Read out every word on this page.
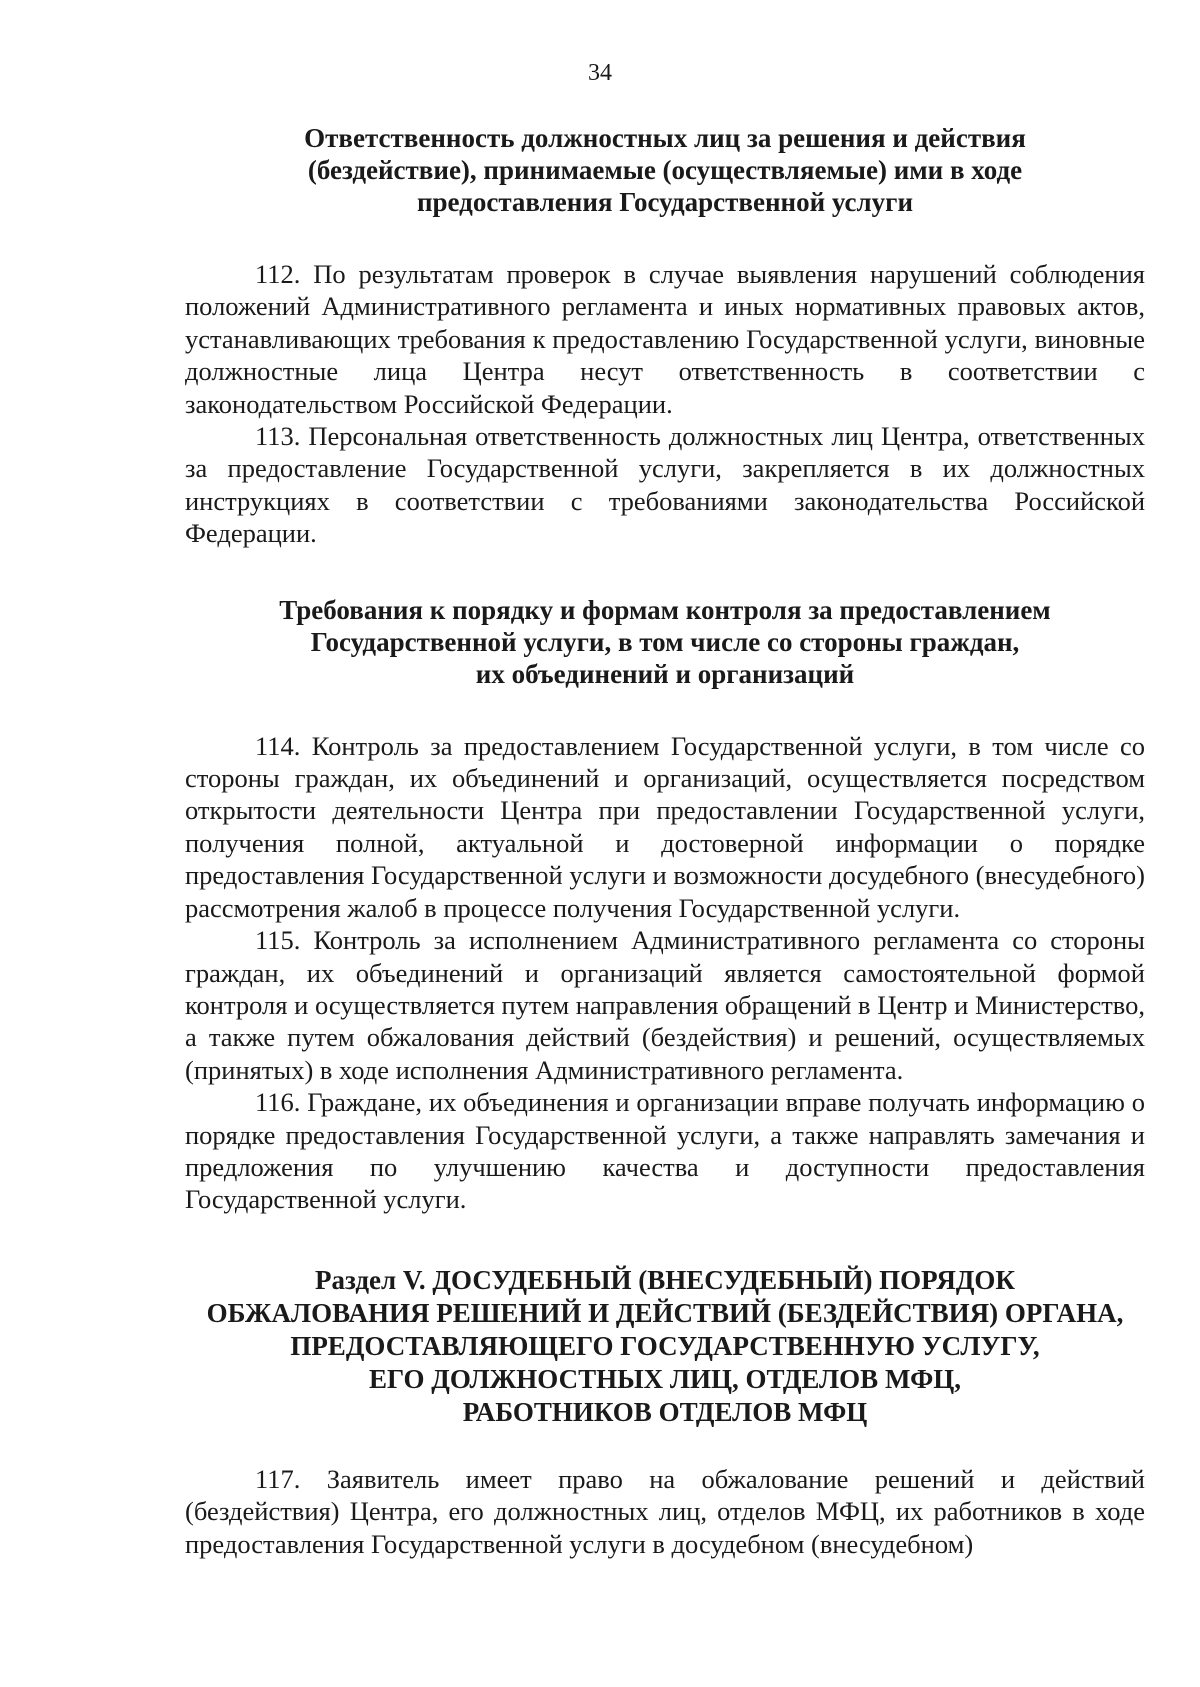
34
Ответственность должностных лиц за решения и действия
(бездействие), принимаемые (осуществляемые) ими в ходе
предоставления Государственной услуги

112. По результатам проверок в случае выявления нарушений соблюдения положений Административного регламента и иных нормативных правовых актов, устанавливающих требования к предоставлению Государственной услуги, виновные должностные лица Центра несут ответственность в соответствии с законодательством Российской Федерации.

113. Персональная ответственность должностных лиц Центра, ответственных за предоставление Государственной услуги, закрепляется в их должностных инструкциях в соответствии с требованиями законодательства Российской Федерации.

Требования к порядку и формам контроля за предоставлением
Государственной услуги, в том числе со стороны граждан,
их объединений и организаций

114. Контроль за предоставлением Государственной услуги, в том числе со стороны граждан, их объединений и организаций, осуществляется посредством открытости деятельности Центра при предоставлении Государственной услуги, получения полной, актуальной и достоверной информации о порядке предоставления Государственной услуги и возможности досудебного (внесудебного) рассмотрения жалоб в процессе получения Государственной услуги.

115. Контроль за исполнением Административного регламента со стороны граждан, их объединений и организаций является самостоятельной формой контроля и осуществляется путем направления обращений в Центр и Министерство, а также путем обжалования действий (бездействия) и решений, осуществляемых (принятых) в ходе исполнения Административного регламента.

116. Граждане, их объединения и организации вправе получать информацию о порядке предоставления Государственной услуги, а также направлять замечания и предложения по улучшению качества и доступности предоставления Государственной услуги.

Раздел V. ДОСУДЕБНЫЙ (ВНЕСУДЕБНЫЙ) ПОРЯДОК
ОБЖАЛОВАНИЯ РЕШЕНИЙ И ДЕЙСТВИЙ (БЕЗДЕЙСТВИЯ) ОРГАНА,
ПРЕДОСТАВЛЯЮЩЕГО ГОСУДАРСТВЕННУЮ УСЛУГУ,
ЕГО ДОЛЖНОСТНЫХ ЛИЦ, ОТДЕЛОВ МФЦ,
РАБОТНИКОВ ОТДЕЛОВ МФЦ

117. Заявитель имеет право на обжалование решений и действий (бездействия) Центра, его должностных лиц, отделов МФЦ, их работников в ходе предоставления Государственной услуги в досудебном (внесудебном)
